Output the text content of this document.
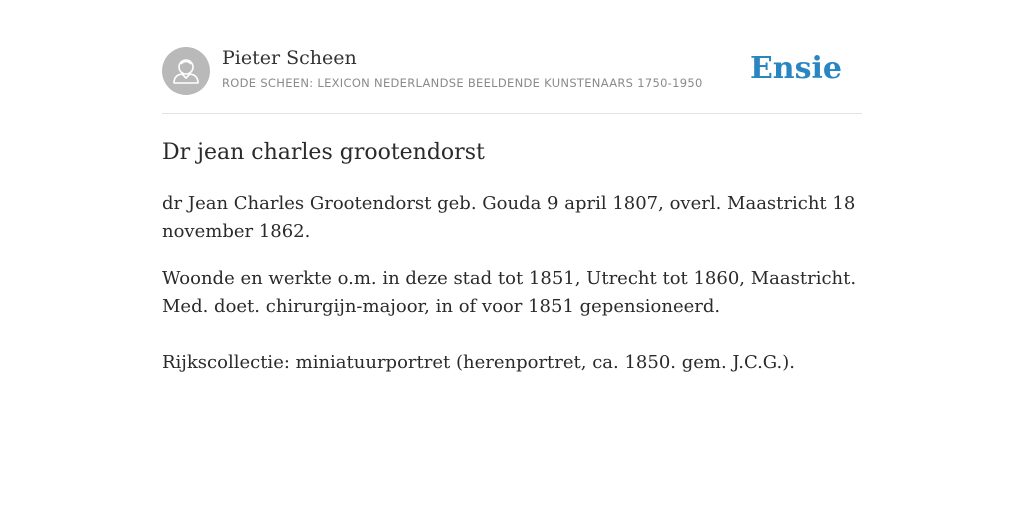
Pieter Scheen
RODE SCHEEN: LEXICON NEDERLANDSE BEELDENDE KUNSTENAARS 1750-1950 Ensie
Dr jean charles grootendorst

dr Jean Charles Grootendorst geb. Gouda 9 april 1807, overl. Maastricht 18 november 1862.

Woonde en werkte o.m. in deze stad tot 1851, Utrecht tot 1860, Maastricht. Med. doet. chirurgijn-majoor, in of voor 1851 gepensioneerd.

Rijkscollectie: miniatuurportret (herenportret, ca. 1850. gem. J.C.G.).
